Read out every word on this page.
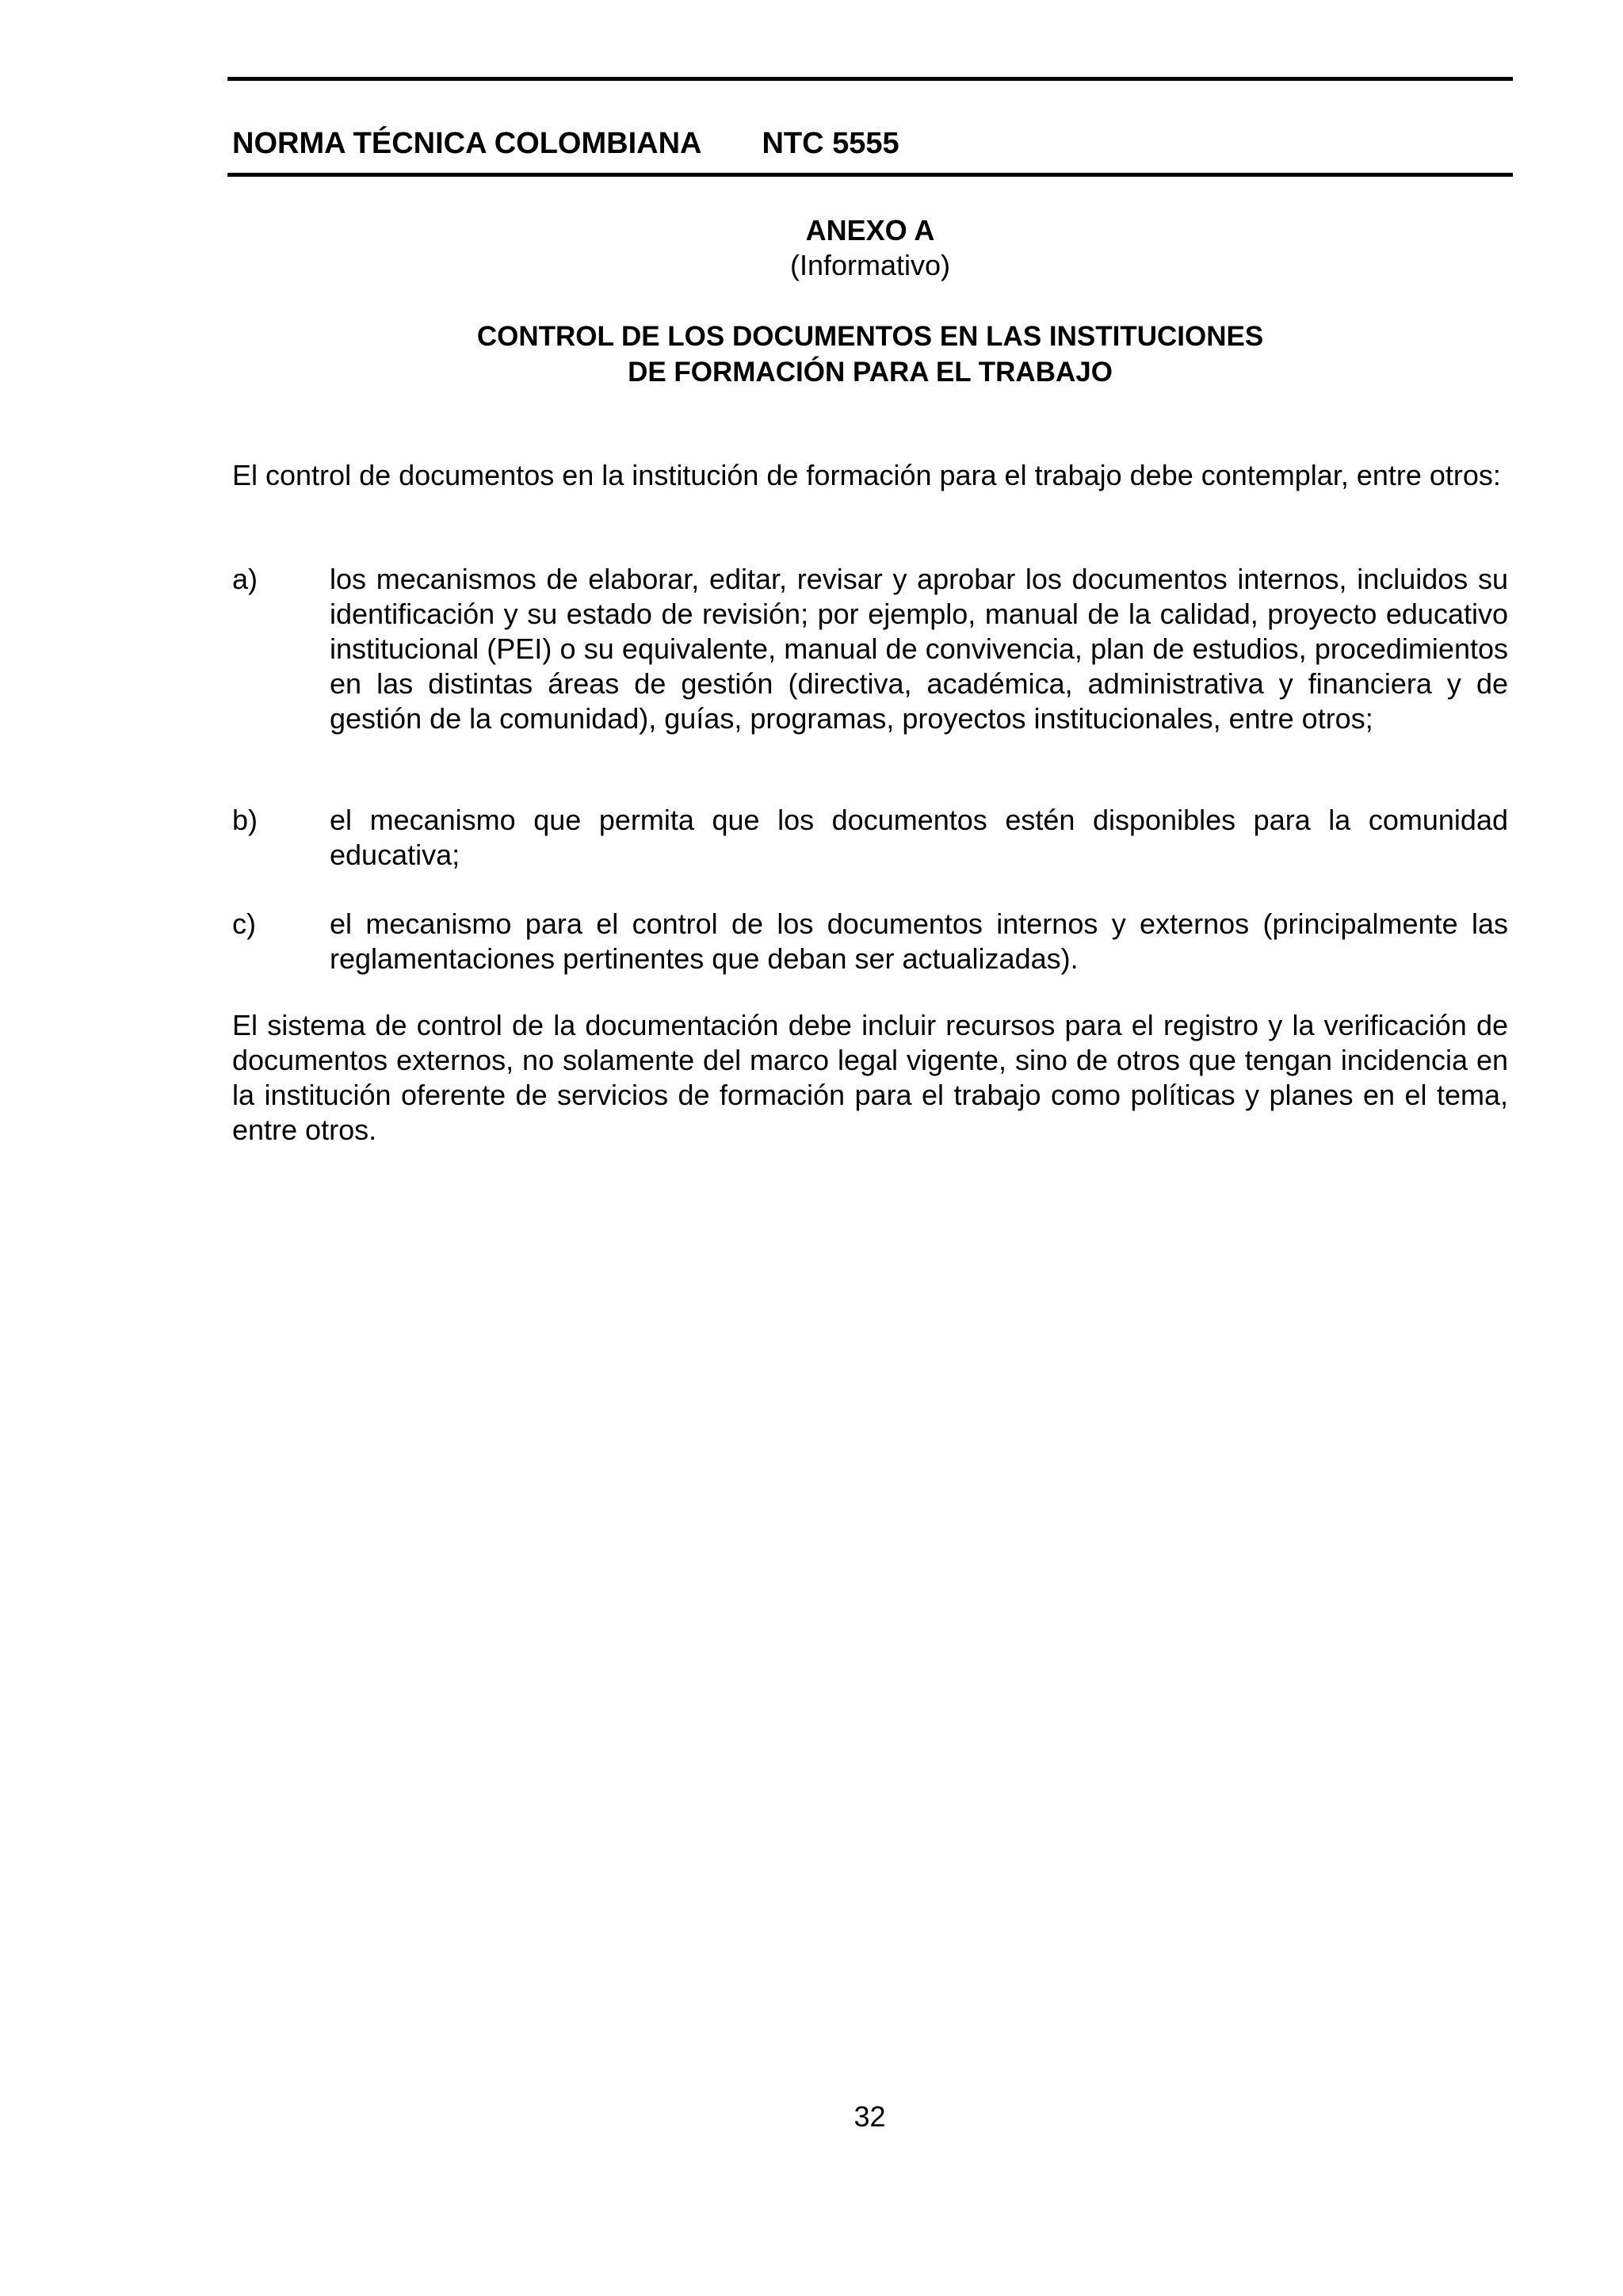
NORMA TÉCNICA COLOMBIANA NTC 5555
ANEXO A
(Informativo)
CONTROL DE LOS DOCUMENTOS EN LAS INSTITUCIONES
DE FORMACIÓN PARA EL TRABAJO
El control de documentos en la institución de formación para el trabajo debe contemplar, entre otros:
a)	los mecanismos de elaborar, editar, revisar y aprobar los documentos internos, incluidos su identificación y su estado de revisión; por ejemplo, manual de la calidad, proyecto educativo institucional (PEI) o su equivalente, manual de convivencia, plan de estudios, procedimientos en las distintas áreas de gestión (directiva, académica, administrativa y financiera y de gestión de la comunidad), guías, programas, proyectos institucionales, entre otros;
b)	el mecanismo que permita que los documentos estén disponibles para la comunidad educativa;
c)	el mecanismo para el control de los documentos internos y externos (principalmente las reglamentaciones pertinentes que deban ser actualizadas).
El sistema de control de la documentación debe incluir recursos para el registro y la verificación de documentos externos, no solamente del marco legal vigente, sino de otros que tengan incidencia en la institución oferente de servicios de formación para el trabajo como políticas y planes en el tema, entre otros.
32
